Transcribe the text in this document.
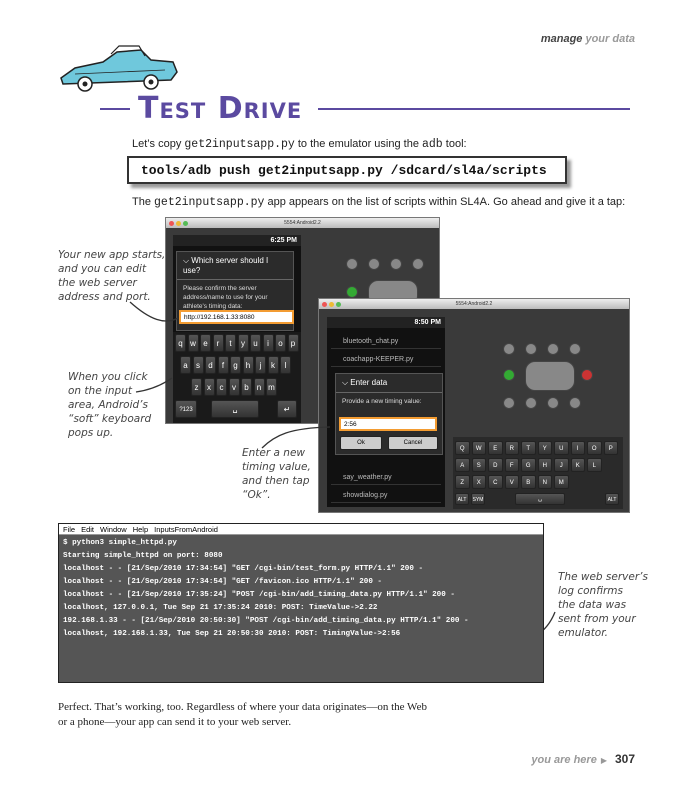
manage your data
Test Drive
Let’s copy get2inputsapp.py to the emulator using the adb tool:
tools/adb push get2inputsapp.py /sdcard/sl4a/scripts
The get2inputsapp.py app appears on the list of scripts within SL4A. Go ahead and give it a tap:
5554:Android2.2
6:25 PM
⌵ Which server should I use?
Please confirm the server address/name to use for your athlete's timing data:
http://192.168.1.33:8080
q w e	r	t	y	u	i	o	p
a	s	d	f	g	h	j	k	l
z	x	c	v	b	n m
?123	␣	↵
5554:Android2.2
8:50 PM
bluetooth_chat.py
coachapp-KEEPER.py
say_weather.py
showdialog.py
⌵ Enter data
Provide a new timing value:
Ok	Cancel
2:56
Q	W	E	R	T	Y	U	I	O	P
A	S	D	F	G	H	J	K	L
Z	X	C	V	B	N	M
ALT	SYM	␣	ALT
Your new app starts,
and you can edit
the web server
address and port.
When you click
on the input
area, Android’s
“soft” keyboard
pops up.
Enter a new
timing value,
and then tap
“Ok”.
The web server’s
log confirms
the data was
sent from your
emulator.
File Edit Window Help InputsFromAndroid
$ python3 simple_httpd.py
Starting simple_httpd on port: 8080
localhost - - [21/Sep/2010 17:34:54] "GET /cgi-bin/test_form.py HTTP/1.1" 200 -
localhost - - [21/Sep/2010 17:34:54] "GET /favicon.ico HTTP/1.1" 200 -
localhost - - [21/Sep/2010 17:35:24] "POST /cgi-bin/add_timing_data.py HTTP/1.1" 200 -
localhost, 127.0.0.1, Tue Sep 21 17:35:24 2010: POST: TimeValue->2.22
192.168.1.33 - - [21/Sep/2010 20:50:30] "POST /cgi-bin/add_timing_data.py HTTP/1.1" 200 -
localhost, 192.168.1.33, Tue Sep 21 20:50:30 2010: POST: TimingValue->2:56
Perfect. That’s working, too. Regardless of where your data originates—on the Web or a phone—your app can send it to your web server.
you are here ▶ 307
